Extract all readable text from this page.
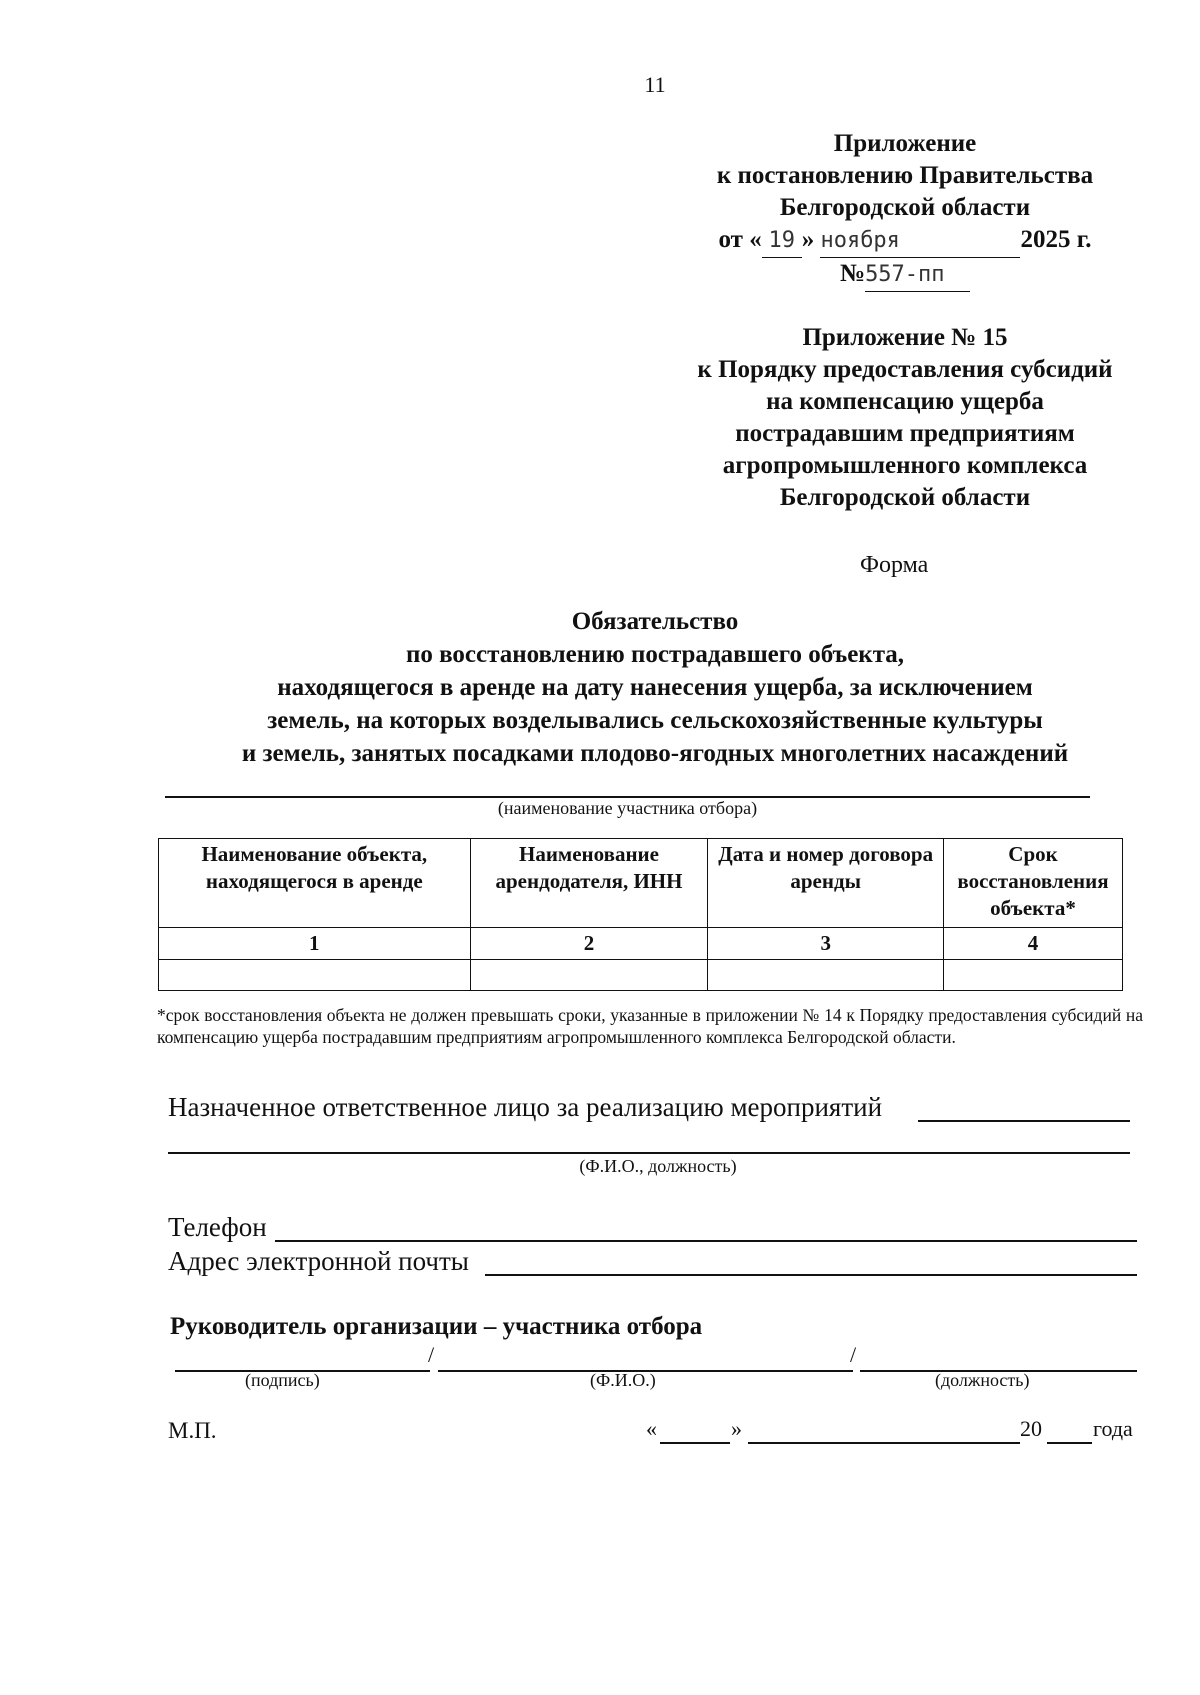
11
Приложение
к постановлению Правительства
Белгородской области
от « 19 » ноября	2025 г.
№557-пп
Приложение № 15
к Порядку предоставления субсидий
на компенсацию ущерба
пострадавшим предприятиям
агропромышленного комплекса
Белгородской области
Форма
Обязательство
по восстановлению пострадавшего объекта,
находящегося в аренде на дату нанесения ущерба, за исключением
земель, на которых возделывались сельскохозяйственные культуры
и земель, занятых посадками плодово-ягодных многолетних насаждений
(наименование участника отбора)
Наименование объекта, находящегося в аренде	Наименование арендодателя, ИНН	Дата и номер договора аренды	Срок восстановления объекта*
1	2	3	4

*срок восстановления объекта не должен превышать сроки, указанные в приложении № 14 к Порядку предоставления субсидий на компенсацию ущерба пострадавшим предприятиям агропромышленного комплекса Белгородской области.
Назначенное ответственное лицо за реализацию мероприятий
(Ф.И.О., должность)
Телефон
Адрес электронной почты
Руководитель организации – участника отбора
/	/
(подпись)	(Ф.И.О.)	(должность)
М.П.	«	»	20 года
